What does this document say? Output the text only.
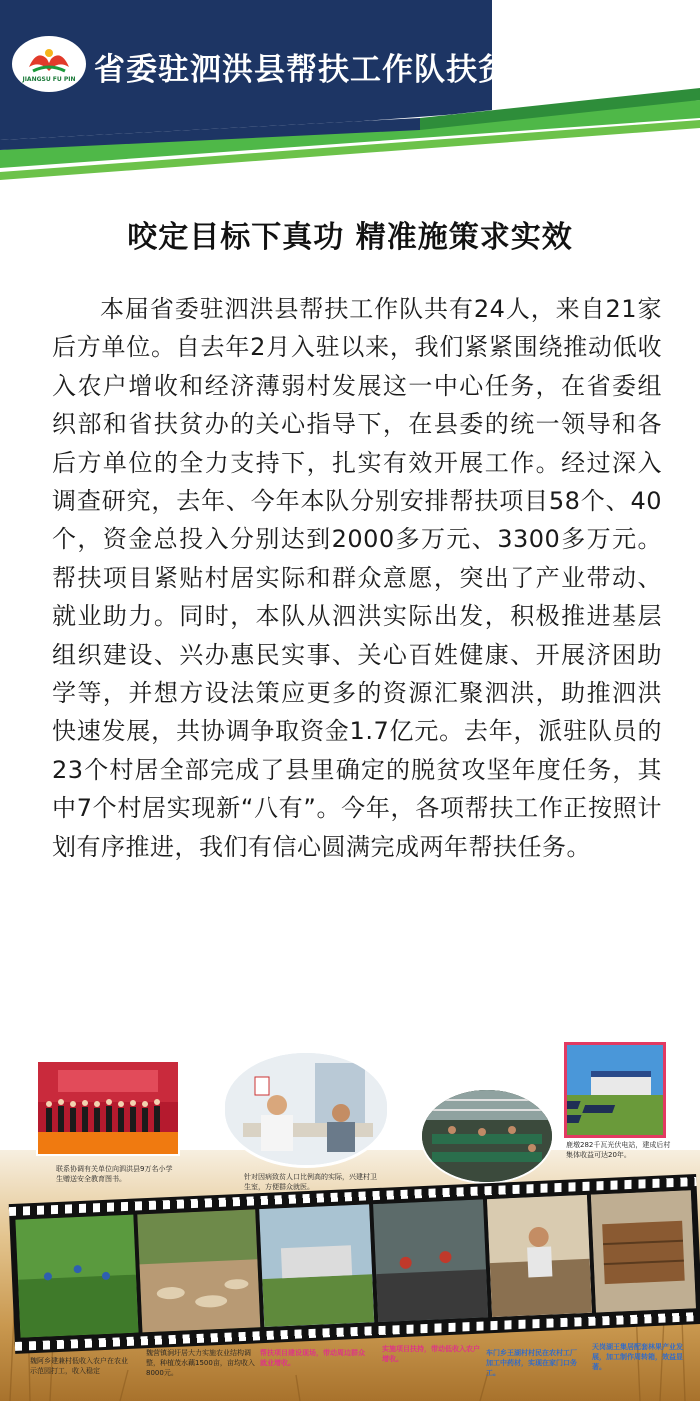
JIANGSU FU PIN 省委驻泗洪县帮扶工作队扶贫成果展
咬定目标下真功 精准施策求实效
本届省委驻泗洪县帮扶工作队共有24人，来自21家后方单位。自去年2月入驻以来，我们紧紧围绕推动低收入农户增收和经济薄弱村发展这一中心任务，在省委组织部和省扶贫办的关心指导下，在县委的统一领导和各后方单位的全力支持下，扎实有效开展工作。经过深入调查研究，去年、今年本队分别安排帮扶项目58个、40个，资金总投入分别达到2000多万元、3300多万元。帮扶项目紧贴村居实际和群众意愿，突出了产业带动、就业助力。同时，本队从泗洪实际出发，积极推进基层组织建设、兴办惠民实事、关心百姓健康、开展济困助学等，并想方设法策应更多的资源汇聚泗洪，助推泗洪快速发展，共协调争取资金1.7亿元。去年，派驻队员的23个村居全部完成了县里确定的脱贫攻坚年度任务，其中7个村居实现新“八有”。今年，各项帮扶工作正按照计划有序推进，我们有信心圆满完成两年帮扶任务。
联系协调有关单位向泗洪县9万名小学生赠送安全教育图书。	针对因病致贫人口比例高的实际，兴建村卫生室，方便群众就医。
鹿墩282千瓦光伏电站，建成后村集体收益可达20年。
魏阿乡建兼村低收入农户在农业示范园打工，收入稳定
魏营镇涧圩居大力实施农业结构调整，种植茂水藕1500亩，亩均收入8000元。
帮扶项目建设现场，带动周边群众就业增收。
实施项目扶持，带动低收入农户增收。
车门乡王湖村村民在农村工厂加工中药材，实现在家门口务工。
天岗湖王集居配套林果产业发展，加工制作周转箱，效益显著。
